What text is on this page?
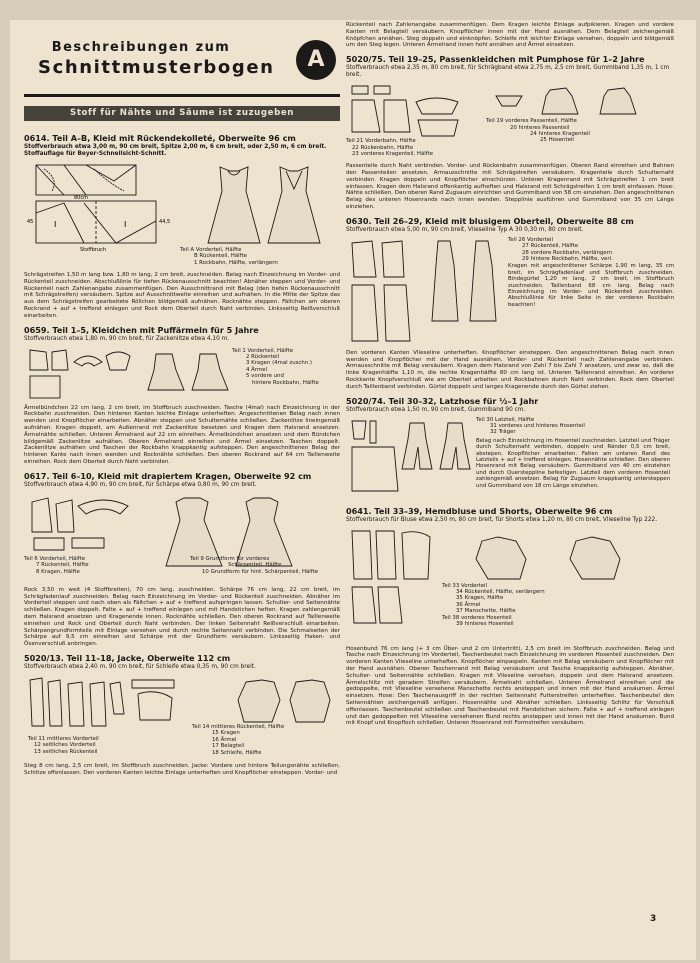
Beschreibungen zum
Schnittmusterbogen	A
Stoff für Nähte und Säume ist zuzugeben
0614. Teil A–B, Kleid mit Rückendekolleté, Oberweite 96 cm
Stoffverbrauch etwa 3,00 m, 90 cm breit, Spitze 2,00 m, 6 cm breit, oder 2,50 m, 6 cm breit.
Stoffauflage für Beyer-Schnellsicht-Schnitt.
80cm
45
Stoffbruch
I	I	44,5
Teil A Vorderteil, Hälfte
B Rückenteil, Hälfte
1 Rockbahn, Hälfte, verlängern

Schrägstreifen 1,50 m lang bzw. 1,80 m lang, 2 cm breit, zuschneiden. Belag nach Einzeichnung im Vorder- und Rückenteil zuschneiden. Abschlußlinie für tiefen Rückenausschnitt beachten! Abnäher steppen und Vorder- und Rückenteil nach Zahlenangabe zusammenfügen. Den Ausschnittrand mit Belag (den tiefen Rückenausschnitt mit Schrägstreifen) versäubern. Spitze auf Ausschnittweite einreihen und aufnähen. In die Mitte der Spitze das aus dem Schrägstreifen gearbeitete Röllchen bildgemäß aufnähen. Rocknähte steppen. Fältchen am oberen Rockrand + auf + treffend einlegen und Rock dem Oberteil durch Naht verbinden. Linksseitig Reißverschluß einarbeiten.

0659. Teil 1–5, Kleidchen mit Puffärmeln für 5 Jahre
Stoffverbrauch etwa 1,80 m, 90 cm breit, für Zackenlitze etwa 4,10 m.
Teil 1 Vorderteil, Hälfte
2 Rückenteil
3 Kragen (4mal zuschn.)
4 Ärmel
5 vordere und
hintere Rockbahn, Hälfte

Ärmelbündchen 22 cm lang, 2 cm breit, im Stoffbruch zuschneiden. Tasche (4mal) nach Einzeichnung in der Rockbahn zuschneiden. Den hinteren Kanten leichte Einlage unterheften. Angeschnittenen Belag nach innen wenden und Knopflöcher einarbeiten. Abnäher steppen und Schulternähte schließen. Zackenlitze lineingemäß aufnähen. Kragen doppelt, am Außenrand mit Zackenlitze besetzen und Kragen dem Halsrand ansetzen. Ärmelnähte schließen. Unteren Ärmelrand auf 22 cm einreihen. Ärmelbündchen ansetzen und dem Bündchen bildgemäß Zackenlitze aufnähen. Oberen Ärmelrand einreihen und Ärmel einsetzen. Taschen doppelt. Zackenlitze aufnähen und Taschen der Rockbahn knappkantig aufsteppen. Den angeschnittenen Belag der hinteren Kante nach innen wenden und Rocknähte schließen. Den oberen Rockrand auf 64 cm Taillenweite einreihen. Rock dem Oberteil durch Naht verbinden.

0617. Teil 6–10, Kleid mit drapiertem Kragen, Oberweite 92 cm
Stoffverbrauch etwa 4,90 m, 90 cm breit, für Schärpe etwa 0,80 m, 90 cm breit.
Teil 6 Vorderteil, Hälfte
7 Rückenteil, Hälfte
8 Kragen, Hälfte
Teil 9 Grundform für vorderes
Schärpenteil, Hälfte
10 Grundform für hint. Schärpenteil, Hälfte

Rock 3,50 m weit (4 Stoffbreiten), 70 cm lang, zuschneiden. Schärpe 76 cm lang, 22 cm breit, im Schrägfadenlauf zuschneiden. Belag nach Einzeichnung im Vorder- und Rückenteil zuschneiden. Abnäher im Vorderteil steppen und nach oben als Fältchen + auf + treffend aufspringen lassen. Schulter- und Seitennähte schließen. Kragen doppelt. Falte + auf + treffend einlegen und mit Handstichen heften. Kragen zahlengemäß dem Halsrand ansetzen und Kragenende innen. Rocknähte schließen. Den oberen Rockrand auf Taillenweite einreihen und Rock und Oberteil durch Naht verbinden. Der linken Seitennaht Reißverschluß einarbeiten. Schärpengrundformteile mit Einlage versehen und durch rechte Seitennaht verbinden. Die Schmalseiten der Schärpe auf 9,5 cm einreihen und Schärpe mit der Grundform versäubern. Linksseitig Haken- und Ösenverschluß anbringen.

5020/13. Teil 11–18, Jacke, Oberweite 112 cm
Stoffverbrauch etwa 2,40 m, 90 cm breit, für Schleife etwa 0,35 m, 90 cm breit.
Teil 11 mittleres Vorderteil
12 seitliches Vorderteil
13 seitliches Rückenteil
Teil 14 mittleres Rückenteil, Hälfte
15 Kragen
16 Ärmel
17 Belagteil
18 Schleife, Hälfte

Steg 8 cm lang, 2,5 cm breit, im Stoffbruch zuschneiden. Jacke: Vordere und hintere Teilungsnähte schließen, Schlitze offenlassen. Den vorderen Kanten leichte Einlage unterheften und Knopflöcher einsteppen. Vorder- und

Rückenteil nach Zahlenangabe zusammenfügen. Dem Kragen leichte Einlage aufpikieren. Kragen und vordere Kanten mit Belagteil versäubern. Knopflöcher innen mit der Hand ausnähen. Dem Belagteil zeichengemäß Knöpfchen annähen. Steg doppeln und einknöpfen. Schleife mit leichter Einlage versehen, doppeln und bildgemäß um den Steg legen. Unteren Ärmelrand innen hohl annähen und Ärmel einsetzen.

5020/75. Teil 19–25, Passenkleidchen mit Pumphose für 1–2 Jahre
Stoffverbrauch etwa 2,35 m, 80 cm breit, für Schrägband etwa 2,75 m, 2,5 cm breit, Gummiband 1,35 m, 1 cm breit.
Teil 19 vorderes Passenteil, Hälfte
20 hinteres Passenteil
24 hinteres Kragenteil
25 Hosenteil
Teil 21 Vorderbahn, Hälfte
22 Rückenbahn, Hälfte
23 vorderes Kragenteil, Hälfte

Passenteile durch Naht verbinden. Vorder- und Rückenbahn zusammenfügen. Oberen Rand einreihen und Bahnen den Passenteilen ansetzen. Armausschnitte mit Schrägstreifen versäubern. Kragenteile durch Schulternaht verbinden. Kragen doppeln und Knopflöcher einschürzen. Unteren Kragenrand mit Schrägstreifen 1 cm breit einfassen. Kragen dem Halsrand offenkantig aufheften und Halsrand mit Schrägstreifen 1 cm breit einfassen. Hose: Nähte schließen. Den oberen Rand Zugsaum einrichten und Gummiband von 58 cm einziehen. Den angeschnittenen Belag des unteren Hosenrands nach innen wenden. Stepplinie ausführen und Gummiband von 35 cm Länge einziehen.

0630. Teil 26–29, Kleid mit blusigem Oberteil, Oberweite 88 cm
Stoffverbrauch etwa 5,00 m, 90 cm breit, Vlieseline Typ A 30 0,30 m, 80 cm breit.
Teil 26 Vorderteil
27 Rückenteil, Hälfte
28 vordere Rockbahn, verlängern
29 hintere Rockbahn, Hälfte, verl.
Kragen mit angeschnittener Schärpe 1,90 m lang, 35 cm breit, im Schrägfadenlauf und Stoffbruch zuschneiden. Bindegürtel 1,20 m lang, 2 cm breit, im Stoffbruch zuschneiden. Taillenband 68 cm lang. Belag nach Einzeichnung im Vorder- und Rückenteil zuschneiden. Abschlußlinie für linke Seite in der vorderen Rockbahn beachten!

Den vorderen Kanten Vlieseline unterheften. Knopflöcher einsteppen. Den angeschnittenen Belag nach innen wenden und Knopflöcher mit der Hand ausnähen. Vorder- und Rückenteil nach Zahlenangabe verbinden. Armausschnitte mit Belag versäubern. Kragen dem Halsrand von Zahl 7 bis Zahl 7 ansetzen, und zwar so, daß die linke Kragenhälfte 1,10 m, die rechte Kragenhälfte 80 cm lang ist. Unteren Taillenrand einreihen. An vorderer Rockkante Knopfverschluß wie am Oberteil arbeiten und Rockbahnen durch Naht verbinden. Rock dem Oberteil durch Taillenband verbinden. Gürtel doppeln und langes Kragenende durch den Gürtel ziehen.

5020/74. Teil 30–32, Latzhose für ½–1 Jahr
Stoffverbrauch etwa 1,50 m, 90 cm breit, Gummiband 90 cm.
Teil 30 Latzteil, Hälfte
31 vorderes und hinteres Hosenteil
32 Träger
Belag nach Einzeichnung im Hosenteil zuschneiden. Latzteil und Träger durch Schulternaht verbinden, doppeln und Ränder 0,5 cm breit, abstepen. Knopflöcher einarbeiten. Falten am unteren Rand des Latzteils + auf + treffend einlegen. Hosennähte schließen. Den oberen Hosenrand mit Belag versäubern. Gummiband von 40 cm einziehen und durch Quersteppline befestigen. Latzteil dem vorderen Hosenteil zahlengemäß ansetzen. Belag für Zugsaum knappkantig untersteppen und Gummiband von 18 cm Länge einziehen.
0641. Teil 33–39, Hemdbluse und Shorts, Oberweite 96 cm
Stoffverbrauch für Bluse etwa 2,50 m, 80 cm breit, für Shorts etwa 1,20 m, 80 cm breit, Vlieseline Typ 222.
Teil 33 Vorderteil
34 Rückenteil, Hälfte, verlängern
35 Kragen, Hälfte
36 Ärmel
37 Manschette, Hälfte
Teil 38 vorderes Hosenteil
39 hinteres Hosenteil

Hosenbund 76 cm lang (+ 3 cm Über- und 2 cm Untertritt), 2,5 cm breit im Stoffbruch zuschneiden. Belag und Tasche nach Einzeichnung im Vorderteil, Taschenbeutel nach Einzeichnung im vorderen Hosenteil zuschneiden. Den vorderen Kanten Vlieseline unterheften. Knopflöcher einpaspeln. Kanten mit Belag versäubern und Knopflöcher mit der Hand ausnähen. Oberen Taschenrand mit Belag versäubern und Tasche knappkantig aufsteppen. Abnäher, Schulter- und Seitennähte schließen. Kragen mit Vlieseline versehen, doppeln und dem Halsrand ansetzen. Ärmelschlitz mit geradem Streifen versäubern. Ärmelnaht schließen. Unteren Ärmelrand einreihen und die gedoppelte, mit Vlieseline versehene Manschette rechts ansteppen und innen mit der Hand ansäumen. Ärmel einsetzen. Hose: Den Taschenausgriff in der rechten Seitennaht Futterstreifen unterheften. Taschenbeutel den Seitennähten zeichengemäß anfügen. Hosennähte und Abnäher schließen. Linksseitig Schlitz für Verschluß offenlassen. Taschenbeutel schließen und Taschenbeutel mit Handstichen sichern. Falte + auf + treffend einlegen und den gedoppelten mit Vlieseline versehenen Bund rechts ansteppen und innen mit der Hand ansäumen. Bund mit Knopf und Knopfloch schließen. Unteren Hosenrand mit Formstreifen versäubern.

3
